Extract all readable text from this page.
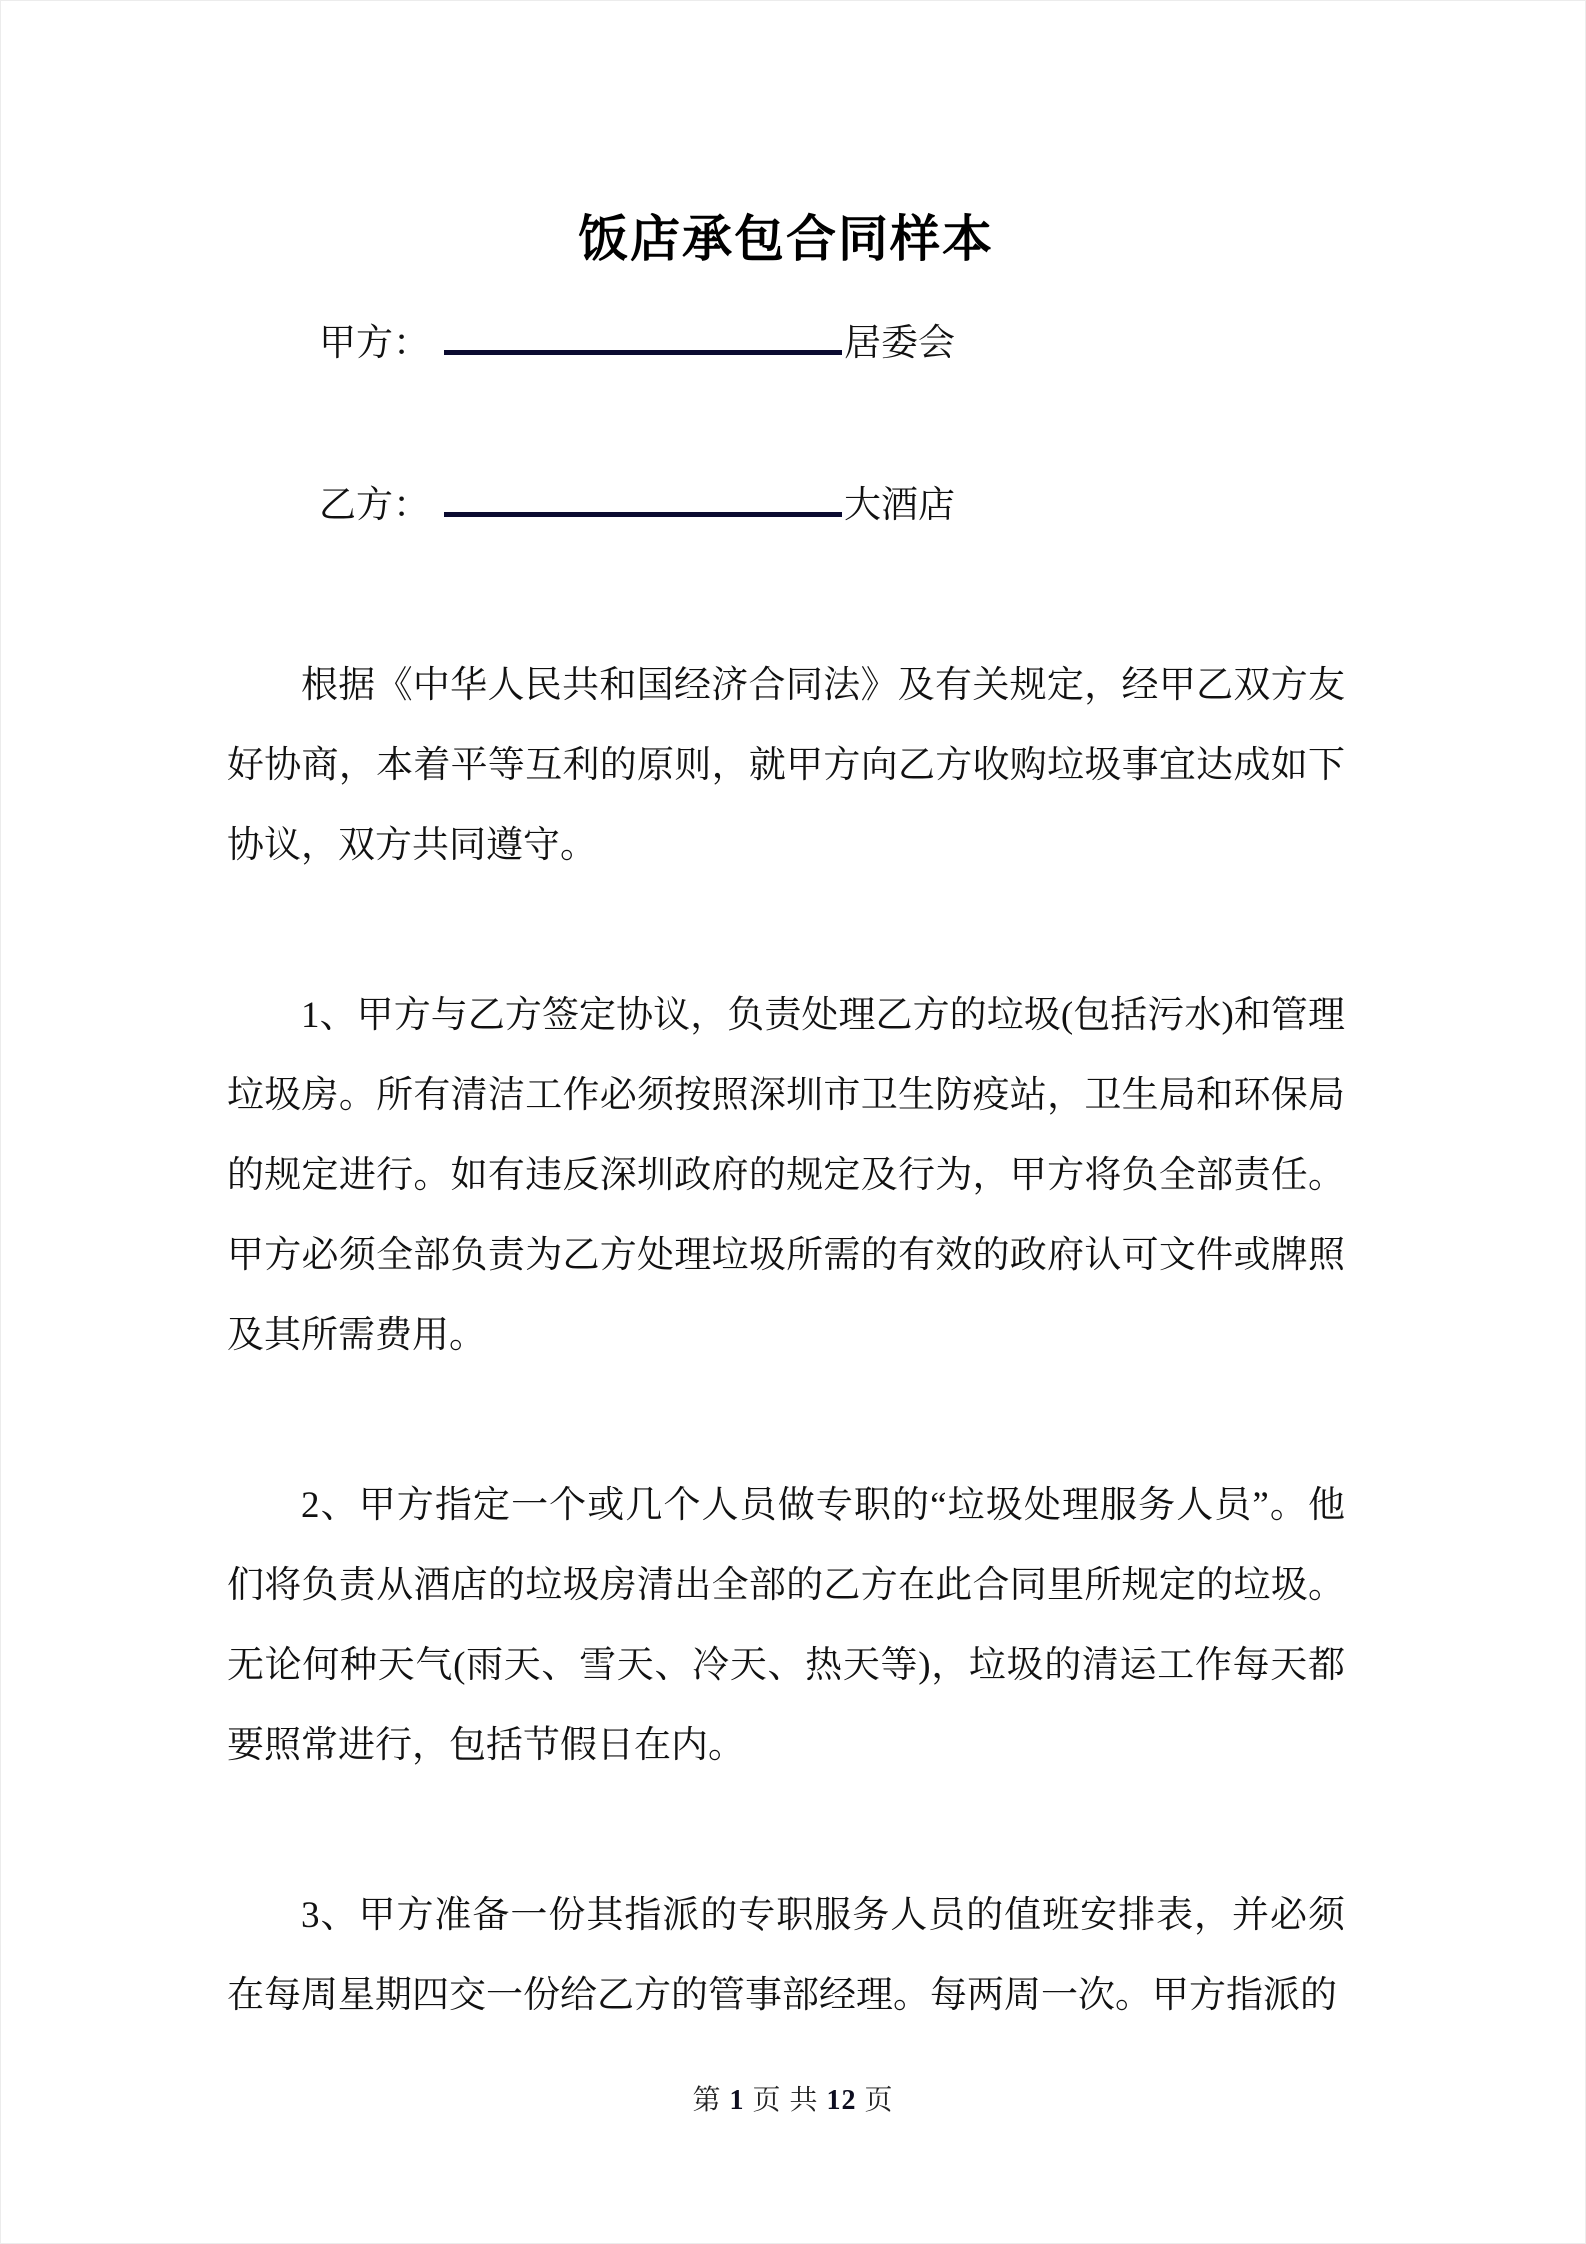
饭店承包合同样本
甲方：	居委会
乙方：	大酒店

根据《中华人民共和国经济合同法》及有关规定，经甲乙双方友好协商，本着平等互利的原则，就甲方向乙方收购垃圾事宜达成如下协议，双方共同遵守。

1、甲方与乙方签定协议，负责处理乙方的垃圾(包括污水)和管理垃圾房。所有清洁工作必须按照深圳市卫生防疫站，卫生局和环保局的规定进行。如有违反深圳政府的规定及行为，甲方将负全部责任。甲方必须全部负责为乙方处理垃圾所需的有效的政府认可文件或牌照及其所需费用。

2、甲方指定一个或几个人员做专职的“垃圾处理服务人员”。他们将负责从酒店的垃圾房清出全部的乙方在此合同里所规定的垃圾。无论何种天气(雨天、雪天、冷天、热天等)，垃圾的清运工作每天都要照常进行，包括节假日在内。

3、甲方准备一份其指派的专职服务人员的值班安排表，并必须在每周星期四交一份给乙方的管事部经理。每两周一次。甲方指派的

第 1 页 共 12 页
